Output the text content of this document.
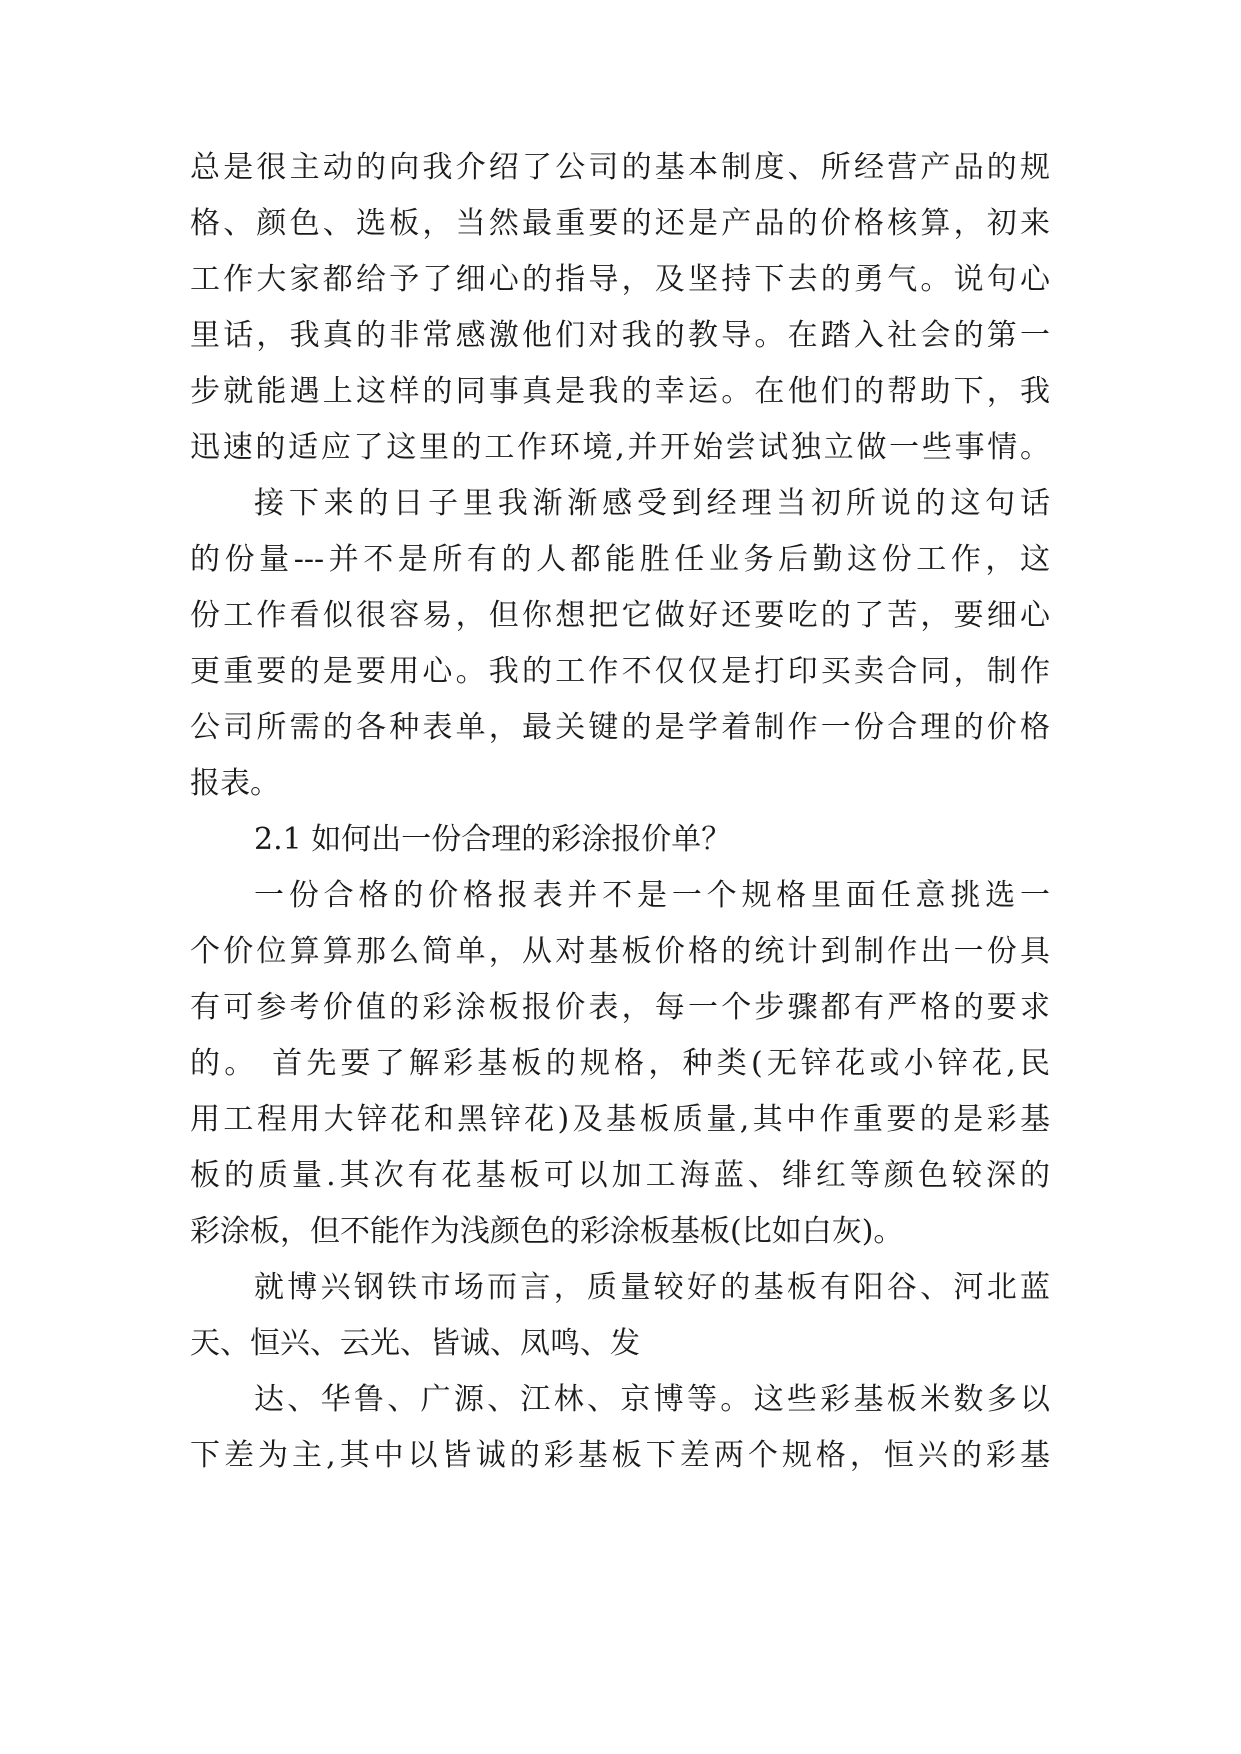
总是很主动的向我介绍了公司的基本制度、所经营产品的规
格、颜色、选板，当然最重要的还是产品的价格核算，初来
工作大家都给予了细心的指导，及坚持下去的勇气。说句心
里话，我真的非常感激他们对我的教导。在踏入社会的第一
步就能遇上这样的同事真是我的幸运。在他们的帮助下，我
迅速的适应了这里的工作环境,并开始尝试独立做一些事情。
接下来的日子里我渐渐感受到经理当初所说的这句话
的份量---并不是所有的人都能胜任业务后勤这份工作，这
份工作看似很容易，但你想把它做好还要吃的了苦，要细心
更重要的是要用心。我的工作不仅仅是打印买卖合同，制作
公司所需的各种表单，最关键的是学着制作一份合理的价格
报表。
2.1 如何出一份合理的彩涂报价单？
一份合格的价格报表并不是一个规格里面任意挑选一
个价位算算那么简单，从对基板价格的统计到制作出一份具
有可参考价值的彩涂板报价表，每一个步骤都有严格的要求
的。 首先要了解彩基板的规格，种类(无锌花或小锌花,民
用工程用大锌花和黑锌花)及基板质量,其中作重要的是彩基
板的质量.其次有花基板可以加工海蓝、绯红等颜色较深的
彩涂板，但不能作为浅颜色的彩涂板基板(比如白灰)。
就博兴钢铁市场而言，质量较好的基板有阳谷、河北蓝
天、恒兴、云光、皆诚、凤鸣、发
达、华鲁、广源、江林、京博等。这些彩基板米数多以
下差为主,其中以皆诚的彩基板下差两个规格，恒兴的彩基
